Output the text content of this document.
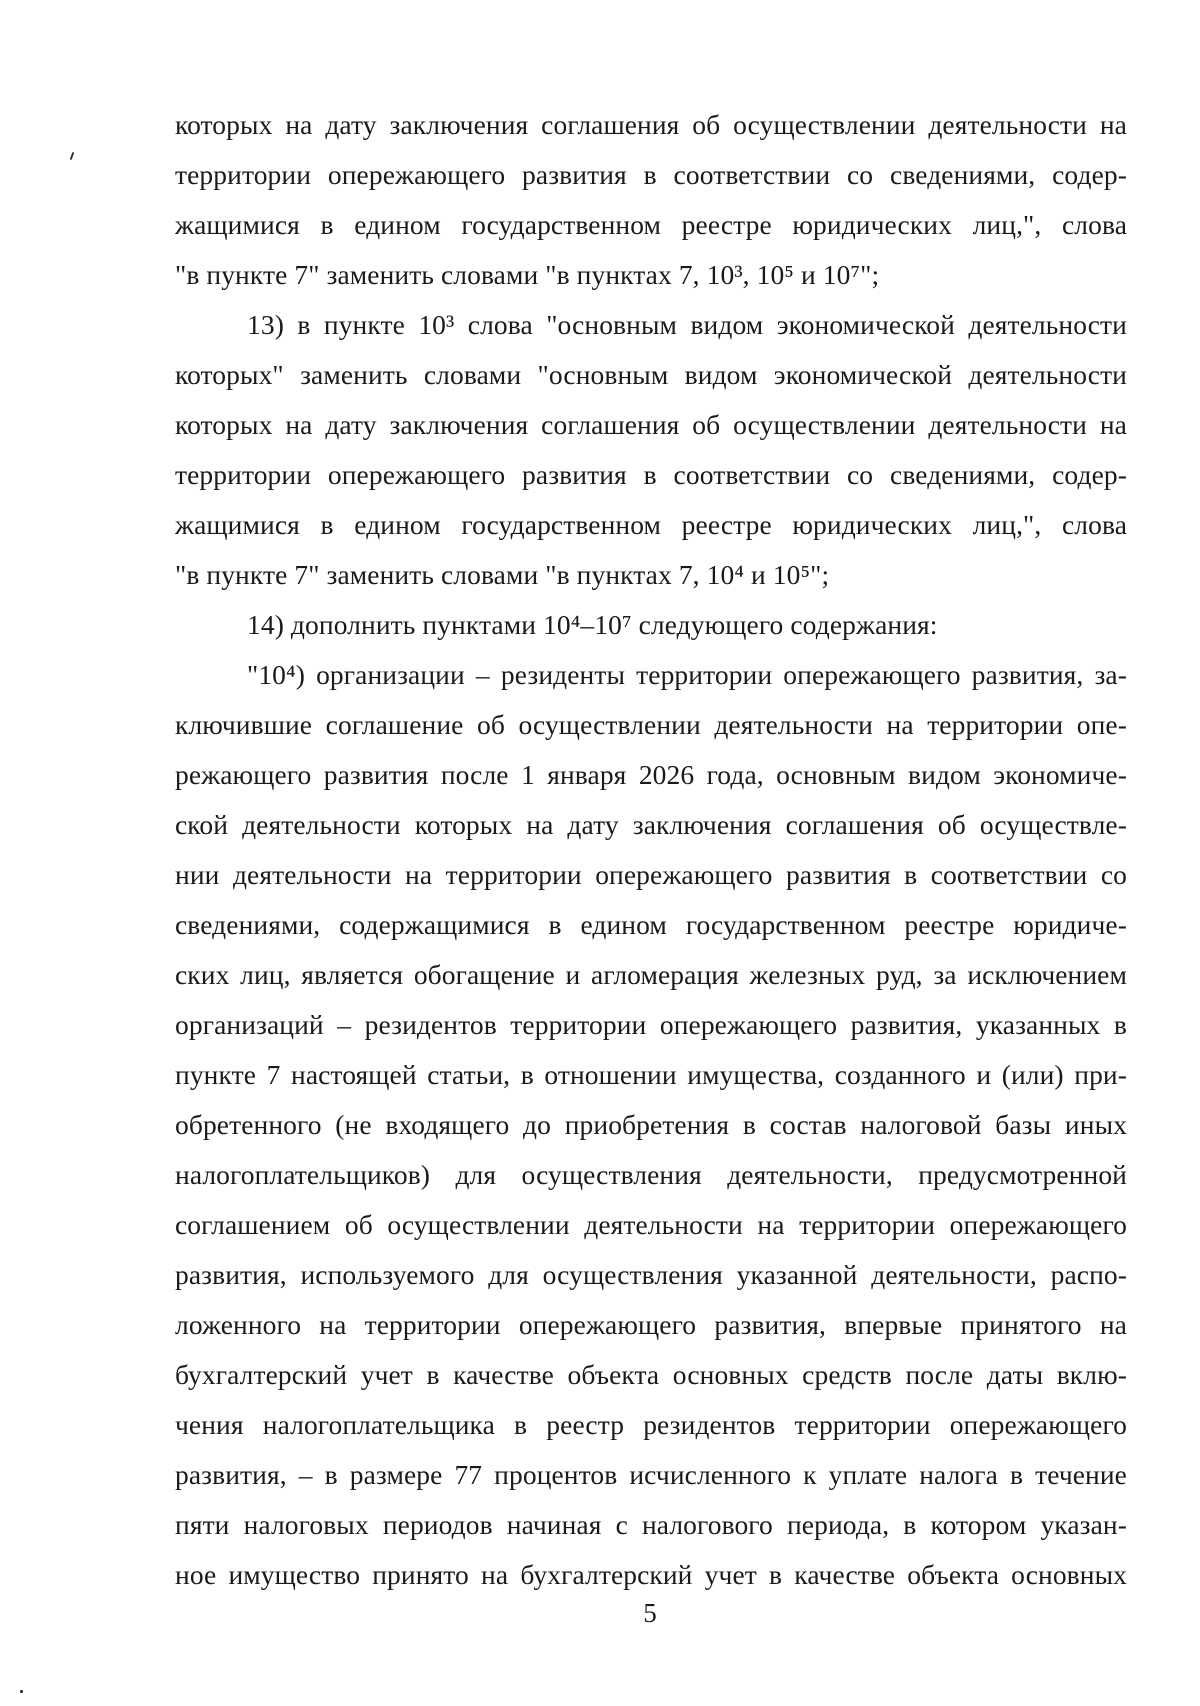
которых на дату заключения соглашения об осуществлении деятельности на
территории опережающего развития в соответствии со сведениями, содер-
жащимися в едином государственном реестре юридических лиц,", слова
"в пункте 7" заменить словами "в пунктах 7, 10³, 10⁵ и 10⁷";
13) в пункте 10³ слова "основным видом экономической деятельности
которых" заменить словами "основным видом экономической деятельности
которых на дату заключения соглашения об осуществлении деятельности на
территории опережающего развития в соответствии со сведениями, содер-
жащимися в едином государственном реестре юридических лиц,", слова
"в пункте 7" заменить словами "в пунктах 7, 10⁴ и 10⁵";
14) дополнить пунктами 10⁴–10⁷ следующего содержания:
"10⁴) организации – резиденты территории опережающего развития, за-
ключившие соглашение об осуществлении деятельности на территории опе-
режающего развития после 1 января 2026 года, основным видом экономиче-
ской деятельности которых на дату заключения соглашения об осуществле-
нии деятельности на территории опережающего развития в соответствии со
сведениями, содержащимися в едином государственном реестре юридиче-
ских лиц, является обогащение и агломерация железных руд, за исключением
организаций – резидентов территории опережающего развития, указанных в
пункте 7 настоящей статьи, в отношении имущества, созданного и (или) при-
обретенного (не входящего до приобретения в состав налоговой базы иных
налогоплательщиков) для осуществления деятельности, предусмотренной
соглашением об осуществлении деятельности на территории опережающего
развития, используемого для осуществления указанной деятельности, распо-
ложенного на территории опережающего развития, впервые принятого на
бухгалтерский учет в качестве объекта основных средств после даты вклю-
чения налогоплательщика в реестр резидентов территории опережающего
развития, – в размере 77 процентов исчисленного к уплате налога в течение
пяти налоговых периодов начиная с налогового периода, в котором указан-
ное имущество принято на бухгалтерский учет в качестве объекта основных
5
